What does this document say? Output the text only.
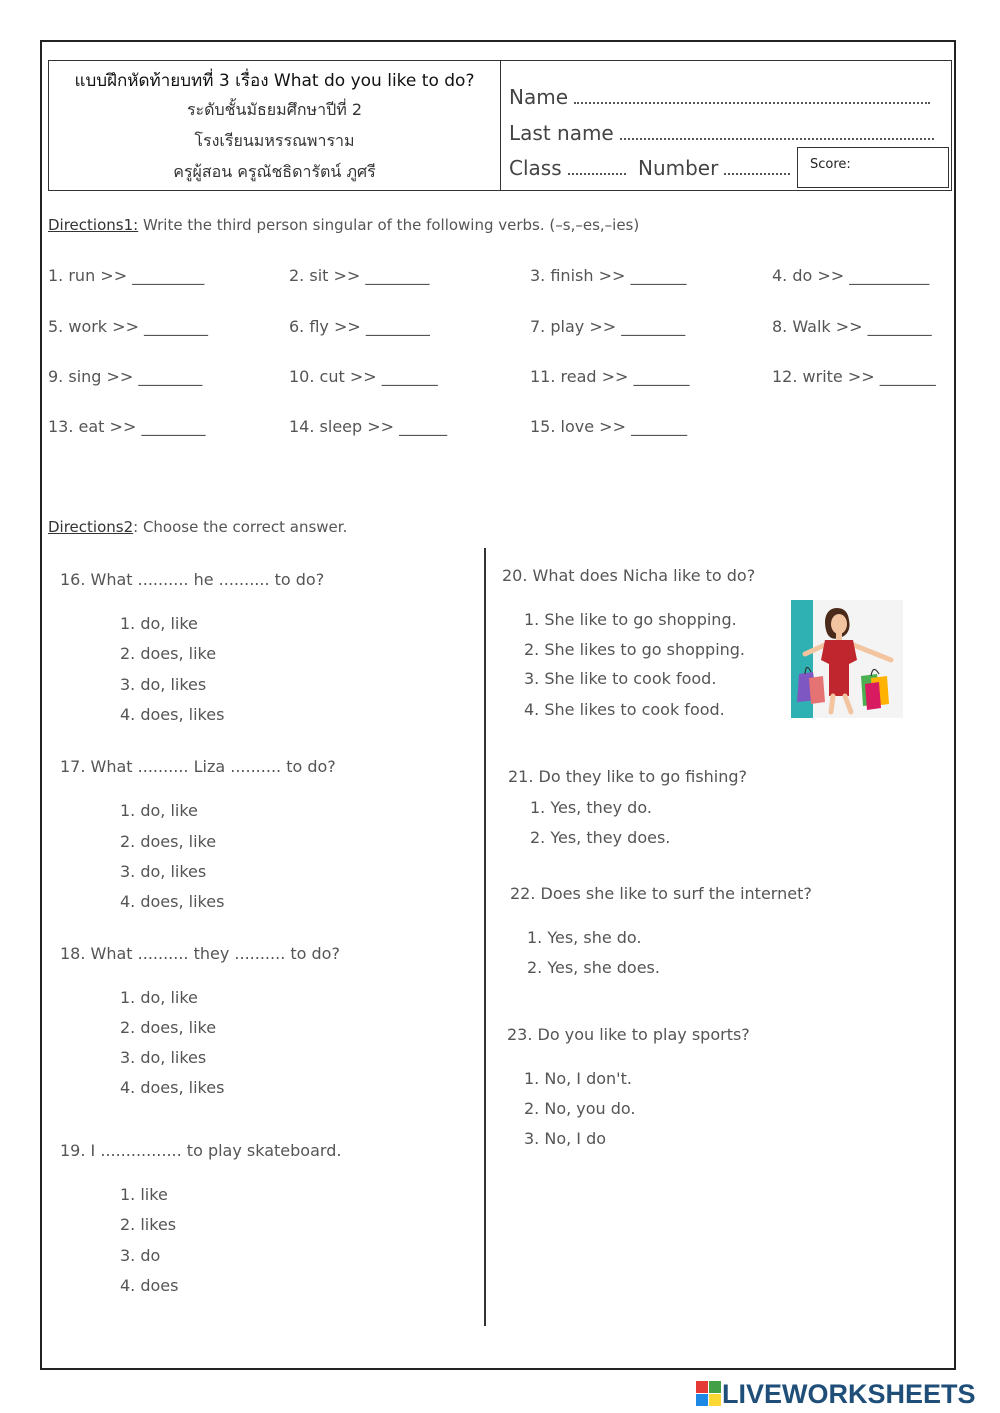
แบบฝึกหัดท้ายบทที่ 3 เรื่อง What do you like to do?
ระดับชั้นมัธยมศึกษาปีที่ 2
โรงเรียนมหรรณพาราม
ครูผู้สอน ครูณัชธิดารัตน์ ภูศรี
Name
Last name
Class	Number	Score:
Directions1: Write the third person singular of the following verbs. (–s,–es,–ies)
1. run >> _________	2. sit >> ________	3. finish >> _______	4. do >> __________
5. work >> ________	6. fly >> ________	7. play >> ________	8. Walk >> ________
9. sing >> ________	10. cut >> _______	11. read >> _______	12. write >> _______
13. eat >> ________	14. sleep >> ______	15. love >> _______
Directions2: Choose the correct answer.
16. What .......... he .......... to do?
1. do, like
2. does, like
3. do, likes
4. does, likes
17. What .......... Liza .......... to do?
1. do, like
2. does, like
3. do, likes
4. does, likes
18. What .......... they .......... to do?
1. do, like
2. does, like
3. do, likes
4. does, likes
19. I ................ to play skateboard.
1. like
2. likes
3. do
4. does
20. What does Nicha like to do?
1. She like to go shopping.
2. She likes to go shopping.
3. She like to cook food.
4. She likes to cook food.
21. Do they like to go fishing?
1. Yes, they do.
2. Yes, they does.
22. Does she like to surf the internet?
1. Yes, she do.
2. Yes, she does.
23. Do you like to play sports?
1. No, I don't.
2. No, you do.
3. No, I do
LIVEWORKSHEETS
